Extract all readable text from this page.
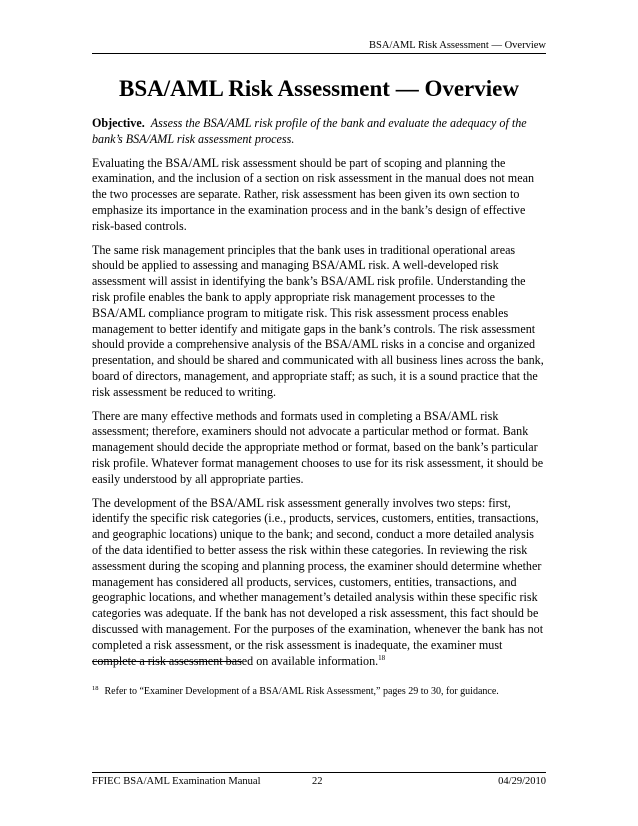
BSA/AML Risk Assessment — Overview
BSA/AML Risk Assessment — Overview

Objective. Assess the BSA/AML risk profile of the bank and evaluate the adequacy of the bank’s BSA/AML risk assessment process.

Evaluating the BSA/AML risk assessment should be part of scoping and planning the examination, and the inclusion of a section on risk assessment in the manual does not mean the two processes are separate. Rather, risk assessment has been given its own section to emphasize its importance in the examination process and in the bank’s design of effective risk-based controls.

The same risk management principles that the bank uses in traditional operational areas should be applied to assessing and managing BSA/AML risk. A well-developed risk assessment will assist in identifying the bank’s BSA/AML risk profile. Understanding the risk profile enables the bank to apply appropriate risk management processes to the BSA/AML compliance program to mitigate risk. This risk assessment process enables management to better identify and mitigate gaps in the bank’s controls. The risk assessment should provide a comprehensive analysis of the BSA/AML risks in a concise and organized presentation, and should be shared and communicated with all business lines across the bank, board of directors, management, and appropriate staff; as such, it is a sound practice that the risk assessment be reduced to writing.

There are many effective methods and formats used in completing a BSA/AML risk assessment; therefore, examiners should not advocate a particular method or format. Bank management should decide the appropriate method or format, based on the bank’s particular risk profile. Whatever format management chooses to use for its risk assessment, it should be easily understood by all appropriate parties.

The development of the BSA/AML risk assessment generally involves two steps: first, identify the specific risk categories (i.e., products, services, customers, entities, transactions, and geographic locations) unique to the bank; and second, conduct a more detailed analysis of the data identified to better assess the risk within these categories. In reviewing the risk assessment during the scoping and planning process, the examiner should determine whether management has considered all products, services, customers, entities, transactions, and geographic locations, and whether management’s detailed analysis within these specific risk categories was adequate. If the bank has not developed a risk assessment, this fact should be discussed with management. For the purposes of the examination, whenever the bank has not completed a risk assessment, or the risk assessment is inadequate, the examiner must complete a risk assessment based on available information.$^{18}$

$^{18}$ Refer to “Examiner Development of a BSA/AML Risk Assessment,” pages 29 to 30, for guidance.
FFIEC BSA/AML Examination Manual	22	04/29/2010
